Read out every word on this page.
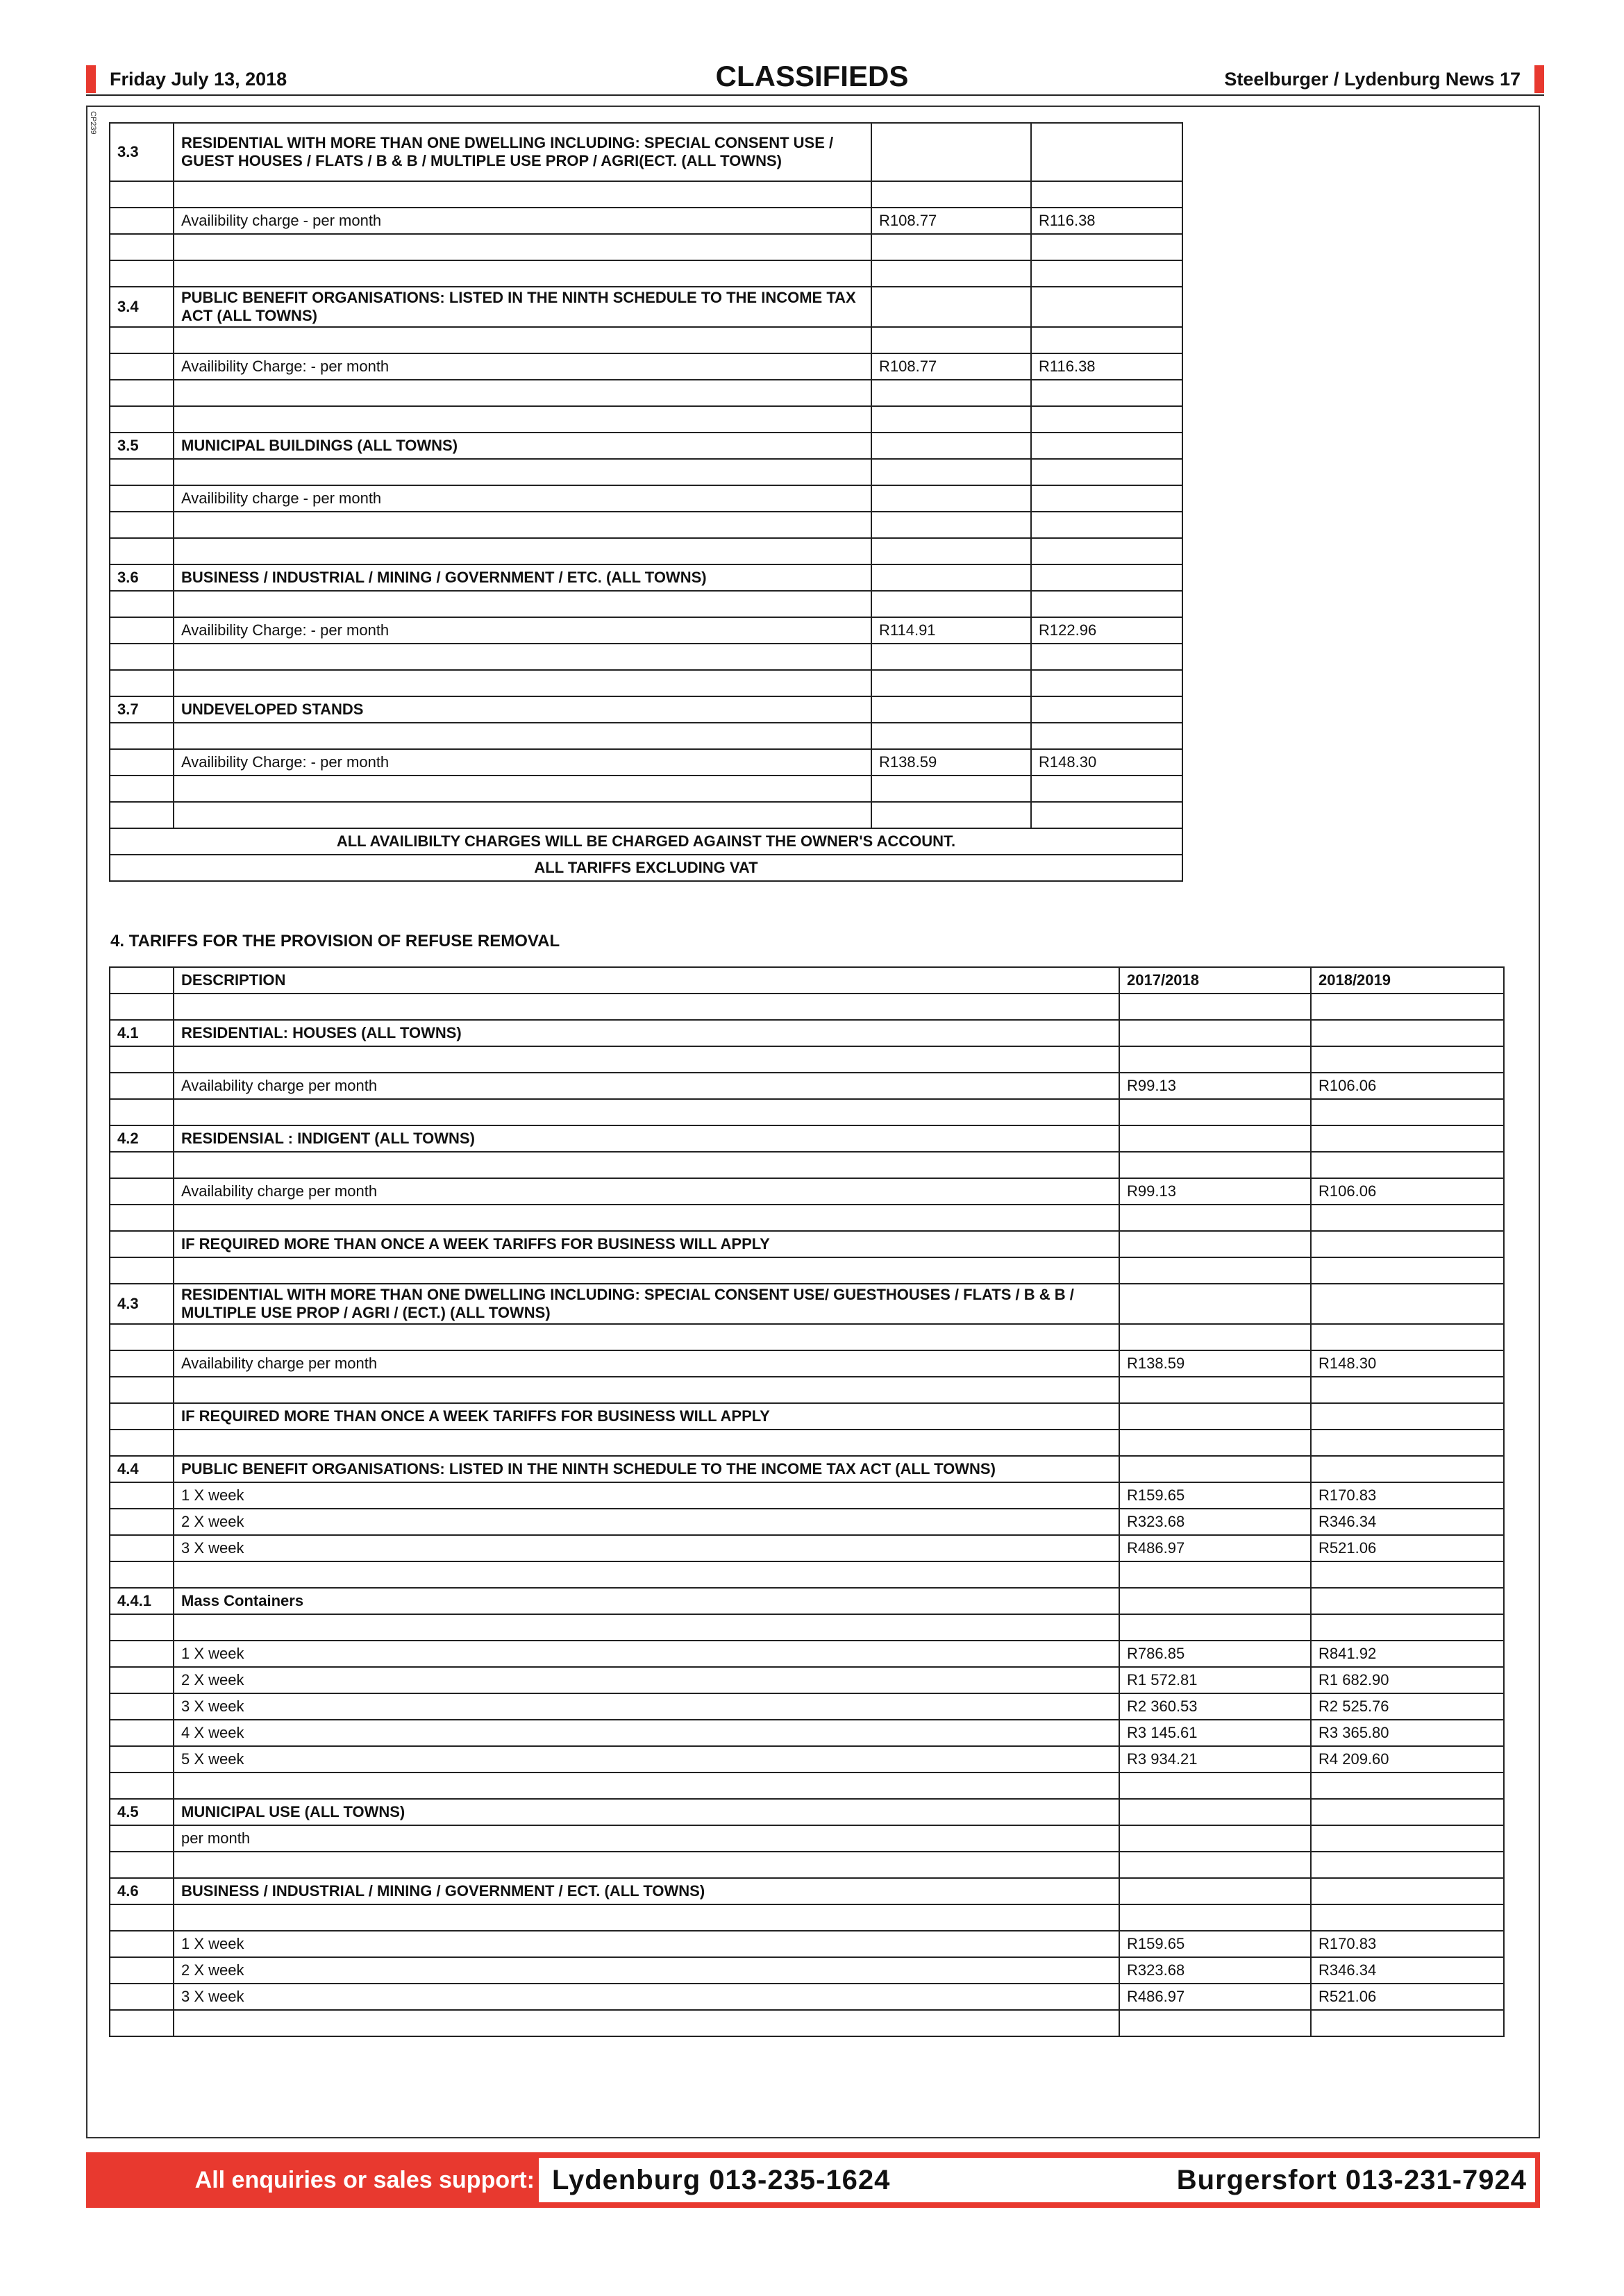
Friday July 13, 2018	CLASSIFIEDS	Steelburger / Lydenburg News 17
CP239
3.3	RESIDENTIAL WITH MORE THAN ONE DWELLING INCLUDING: SPECIAL CONSENT USE / GUEST HOUSES / FLATS / B & B / MULTIPLE USE PROP / AGRI(ECT. (ALL TOWNS)		

	Availibility charge - per month	R108.77	R116.38

3.4	PUBLIC BENEFIT ORGANISATIONS: LISTED IN THE NINTH SCHEDULE TO THE INCOME TAX ACT (ALL TOWNS)		

	Availibility Charge: - per month	R108.77	R116.38

3.5	MUNICIPAL BUILDINGS (ALL TOWNS)		

	Availibility charge - per month		

3.6	BUSINESS / INDUSTRIAL / MINING / GOVERNMENT / ETC. (ALL TOWNS)		

	Availibility Charge: - per month	R114.91	R122.96

3.7	UNDEVELOPED STANDS		

	Availibility Charge: - per month	R138.59	R148.30

ALL AVAILIBILTY CHARGES WILL BE CHARGED AGAINST THE OWNER'S ACCOUNT.			
ALL TARIFFS EXCLUDING VAT			
4. TARIFFS FOR THE PROVISION OF REFUSE REMOVAL
	DESCRIPTION	2017/2018	2018/2019

4.1	RESIDENTIAL: HOUSES (ALL TOWNS)		

	Availability charge per month	R99.13	R106.06

4.2	RESIDENSIAL : INDIGENT (ALL TOWNS)		

	Availability charge per month	R99.13	R106.06

	IF REQUIRED MORE THAN ONCE A WEEK TARIFFS FOR BUSINESS WILL APPLY		

4.3	RESIDENTIAL WITH MORE THAN ONE DWELLING INCLUDING: SPECIAL CONSENT USE/ GUESTHOUSES / FLATS / B & B / MULTIPLE USE PROP / AGRI / (ECT.) (ALL TOWNS)		

	Availability charge per month	R138.59	R148.30

	IF REQUIRED MORE THAN ONCE A WEEK TARIFFS FOR BUSINESS WILL APPLY		

4.4	PUBLIC BENEFIT ORGANISATIONS: LISTED IN THE NINTH SCHEDULE TO THE INCOME TAX ACT (ALL TOWNS)		
	1 X week	R159.65	R170.83
	2 X week	R323.68	R346.34
	3 X week	R486.97	R521.06

4.4.1	Mass Containers		

	1 X week	R786.85	R841.92
	2 X week	R1 572.81	R1 682.90
	3 X week	R2 360.53	R2 525.76
	4 X week	R3 145.61	R3 365.80
	5 X week	R3 934.21	R4 209.60

4.5	MUNICIPAL USE (ALL TOWNS)		
	per month		

4.6	BUSINESS / INDUSTRIAL / MINING / GOVERNMENT / ECT. (ALL TOWNS)		

	1 X week	R159.65	R170.83
	2 X week	R323.68	R346.34
	3 X week	R486.97	R521.06

All enquiries or sales support: Lydenburg 013-235-1624	Burgersfort 013-231-7924
